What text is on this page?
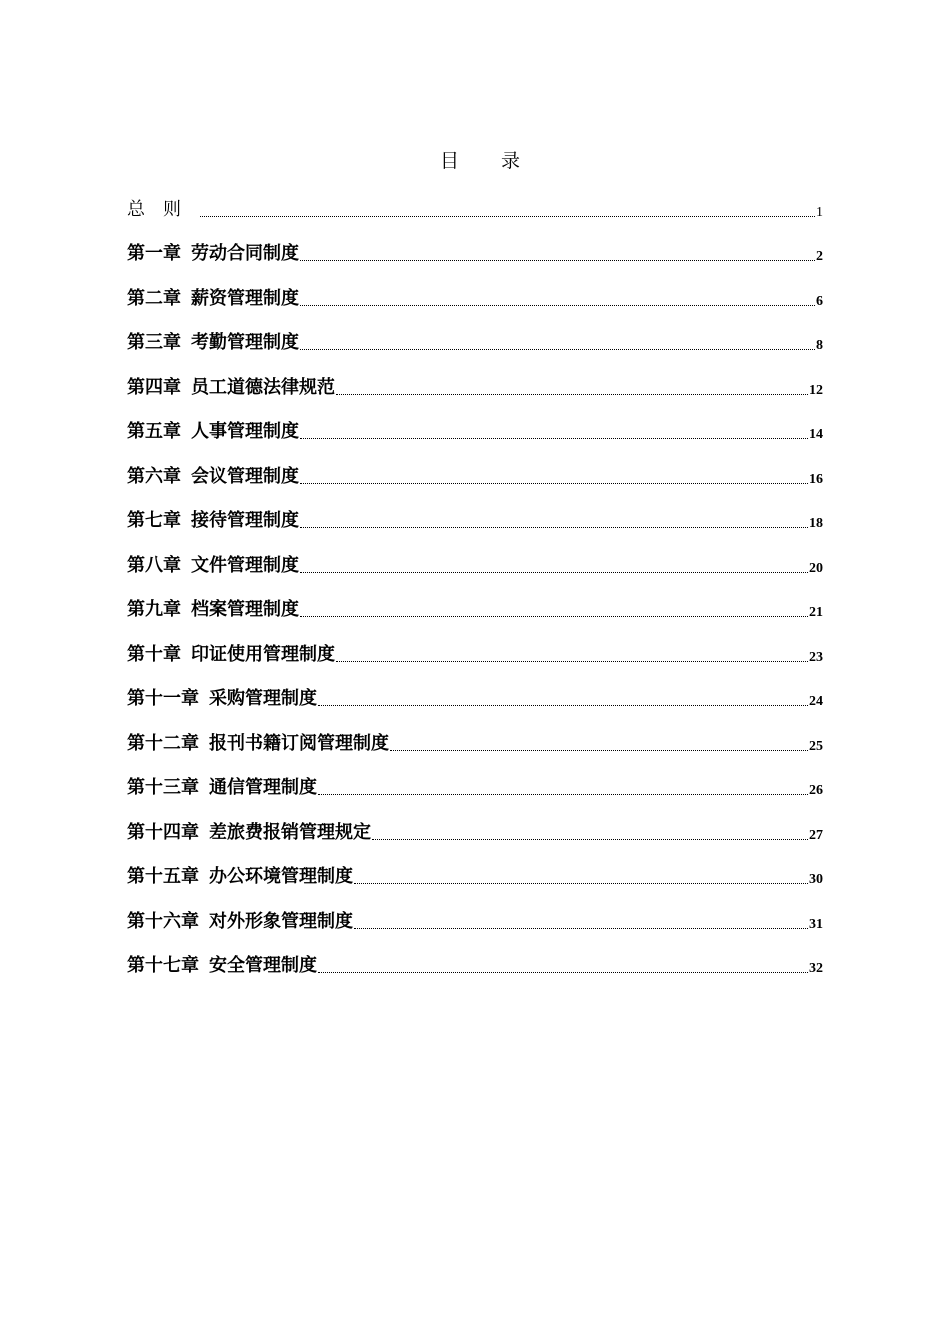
目 录
总则	1
第一章 劳动合同制度	2
第二章 薪资管理制度	6
第三章 考勤管理制度	8
第四章 员工道德法律规范	12
第五章 人事管理制度	14
第六章 会议管理制度	16
第七章 接待管理制度	18
第八章 文件管理制度	20
第九章 档案管理制度	21
第十章 印证使用管理制度	23
第十一章 采购管理制度	24
第十二章 报刊书籍订阅管理制度	25
第十三章 通信管理制度	26
第十四章 差旅费报销管理规定	27
第十五章 办公环境管理制度	30
第十六章 对外形象管理制度	31
第十七章 安全管理制度	32
